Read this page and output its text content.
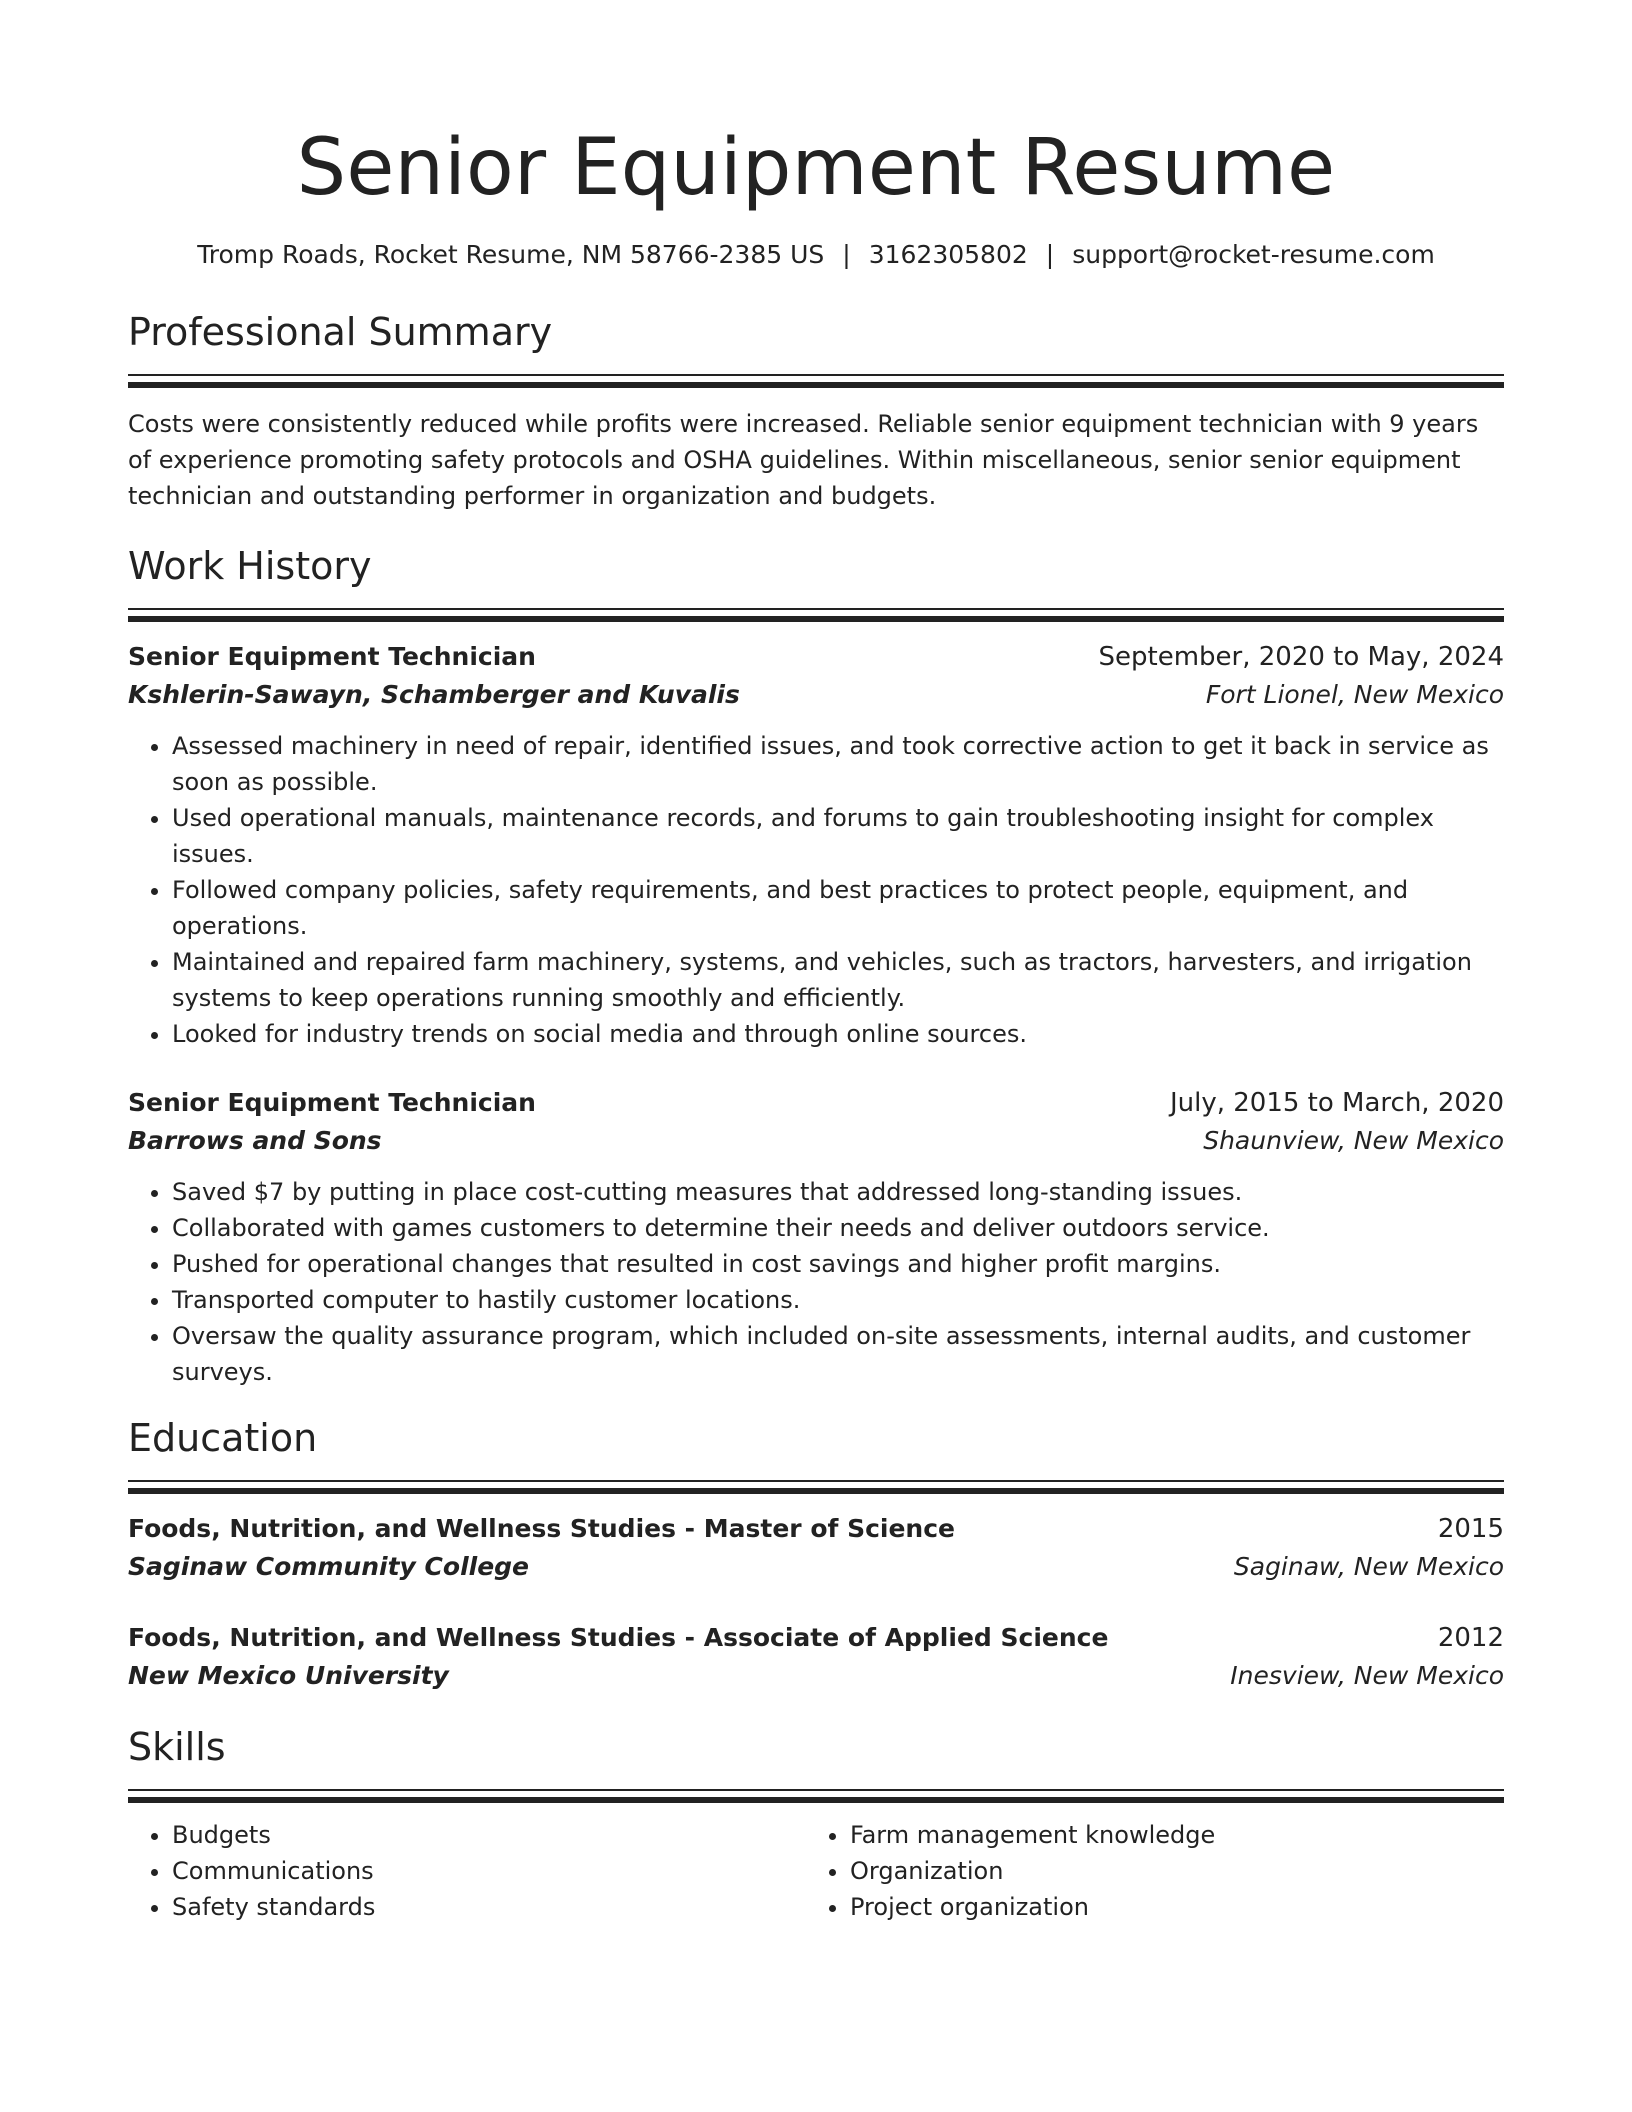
Senior Equipment Resume
Tromp Roads, Rocket Resume, NM 58766-2385 US | 3162305802 | support@rocket-resume.com
Professional Summary

Costs were consistently reduced while profits were increased. Reliable senior equipment technician with 9 years of experience promoting safety protocols and OSHA guidelines. Within miscellaneous, senior senior equipment technician and outstanding performer in organization and budgets.

Work History
Senior Equipment Technician	September, 2020 to May, 2024
Kshlerin-Sawayn, Schamberger and Kuvalis	Fort Lionel, New Mexico
• Assessed machinery in need of repair, identified issues, and took corrective action to get it back in service as soon as possible.
• Used operational manuals, maintenance records, and forums to gain troubleshooting insight for complex issues.
• Followed company policies, safety requirements, and best practices to protect people, equipment, and operations.
• Maintained and repaired farm machinery, systems, and vehicles, such as tractors, harvesters, and irrigation systems to keep operations running smoothly and efficiently.
• Looked for industry trends on social media and through online sources.
Senior Equipment Technician	July, 2015 to March, 2020
Barrows and Sons	Shaunview, New Mexico
• Saved $7 by putting in place cost-cutting measures that addressed long-standing issues.
• Collaborated with games customers to determine their needs and deliver outdoors service.
• Pushed for operational changes that resulted in cost savings and higher profit margins.
• Transported computer to hastily customer locations.
• Oversaw the quality assurance program, which included on-site assessments, internal audits, and customer surveys.
Education
Foods, Nutrition, and Wellness Studies - Master of Science	2015
Saginaw Community College	Saginaw, New Mexico
Foods, Nutrition, and Wellness Studies - Associate of Applied Science	2012
New Mexico University	Inesview, New Mexico
Skills
• Budgets
• Communications
• Safety standards
• Farm management knowledge
• Organization
• Project organization
